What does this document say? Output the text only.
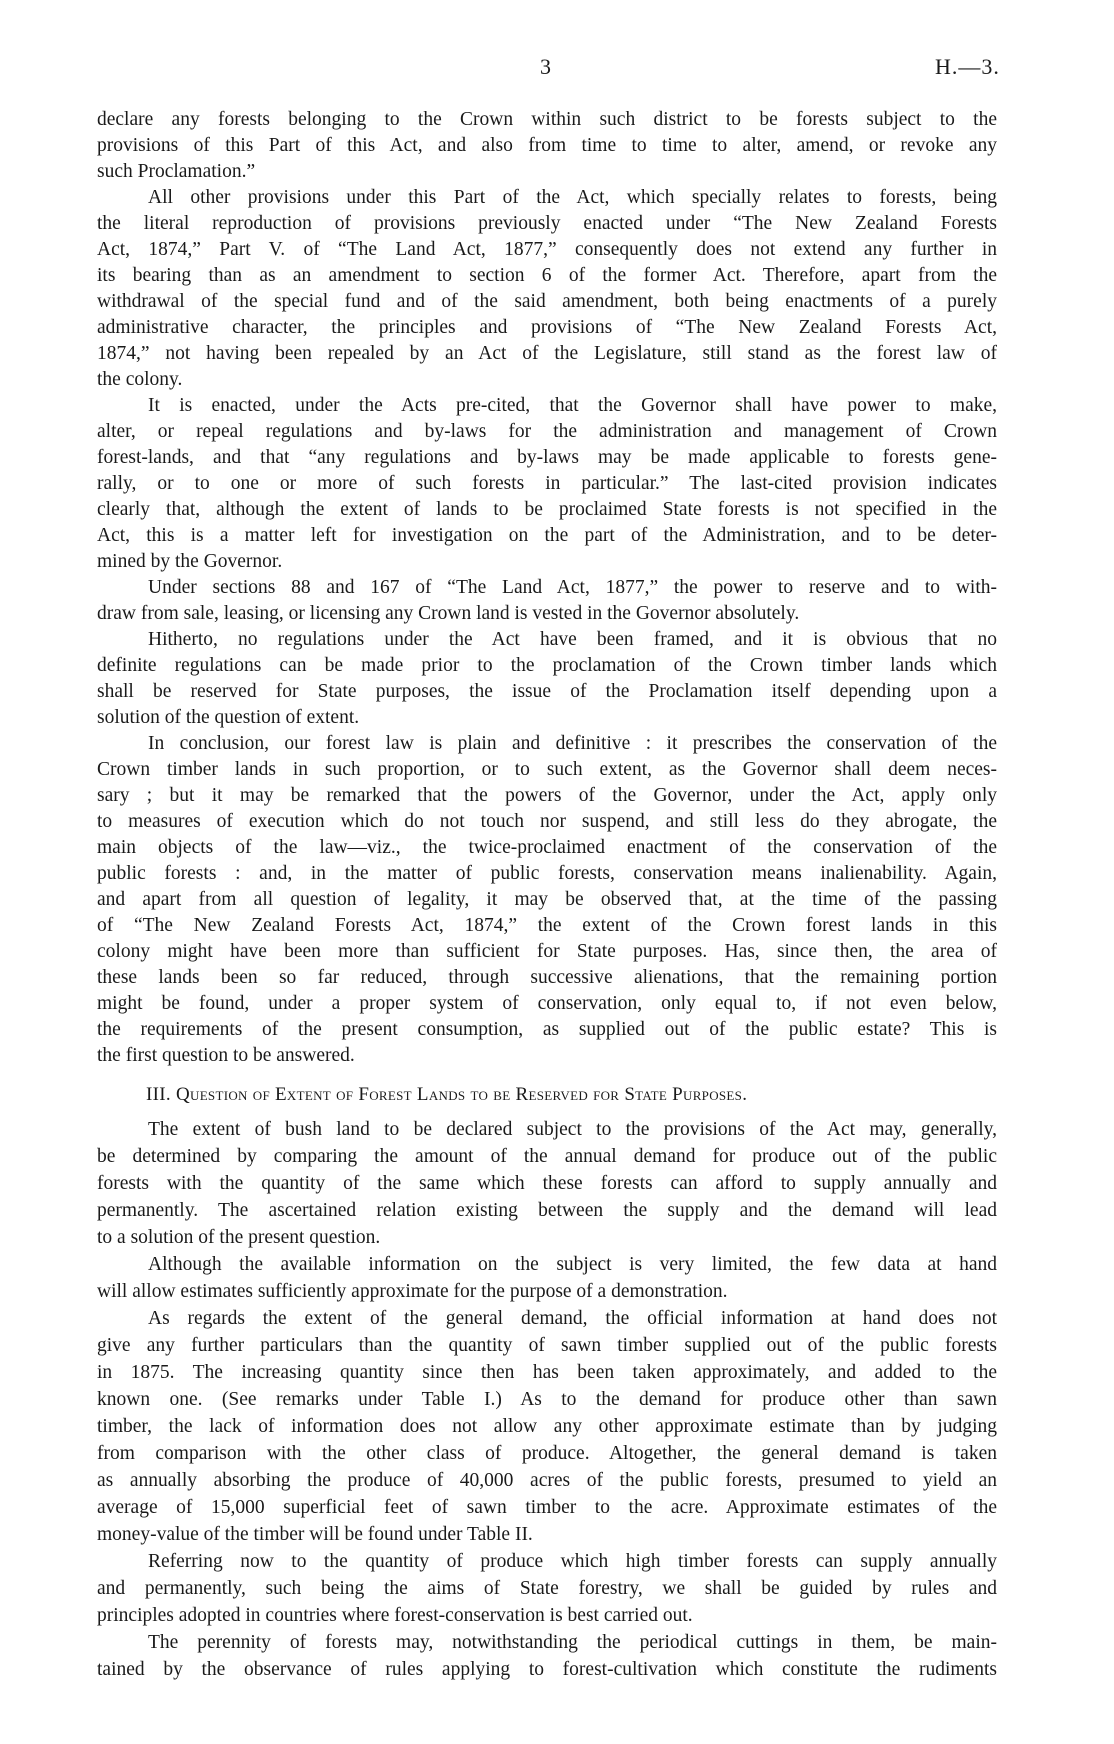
3	H.—3.
declare any forests belonging to the Crown within such district to be forests subject to the
provisions of this Part of this Act, and also from time to time to alter, amend, or revoke any
such Proclamation.”
All other provisions under this Part of the Act, which specially relates to forests, being
the literal reproduction of provisions previously enacted under “The New Zealand Forests
Act, 1874,” Part V. of “The Land Act, 1877,” consequently does not extend any further in
its bearing than as an amendment to section 6 of the former Act. Therefore, apart from the
withdrawal of the special fund and of the said amendment, both being enactments of a purely
administrative character, the principles and provisions of “The New Zealand Forests Act,
1874,” not having been repealed by an Act of the Legislature, still stand as the forest law of
the colony.
It is enacted, under the Acts pre-cited, that the Governor shall have power to make,
alter, or repeal regulations and by-laws for the administration and management of Crown
forest-lands, and that “any regulations and by-laws may be made applicable to forests gene-
rally, or to one or more of such forests in particular.” The last-cited provision indicates
clearly that, although the extent of lands to be proclaimed State forests is not specified in the
Act, this is a matter left for investigation on the part of the Administration, and to be deter-
mined by the Governor.
Under sections 88 and 167 of “The Land Act, 1877,” the power to reserve and to with-
draw from sale, leasing, or licensing any Crown land is vested in the Governor absolutely.
Hitherto, no regulations under the Act have been framed, and it is obvious that no
definite regulations can be made prior to the proclamation of the Crown timber lands which
shall be reserved for State purposes, the issue of the Proclamation itself depending upon a
solution of the question of extent.
In conclusion, our forest law is plain and definitive : it prescribes the conservation of the
Crown timber lands in such proportion, or to such extent, as the Governor shall deem neces-
sary ; but it may be remarked that the powers of the Governor, under the Act, apply only
to measures of execution which do not touch nor suspend, and still less do they abrogate, the
main objects of the law—viz., the twice-proclaimed enactment of the conservation of the
public forests : and, in the matter of public forests, conservation means inalienability. Again,
and apart from all question of legality, it may be observed that, at the time of the passing
of “The New Zealand Forests Act, 1874,” the extent of the Crown forest lands in this
colony might have been more than sufficient for State purposes. Has, since then, the area of
these lands been so far reduced, through successive alienations, that the remaining portion
might be found, under a proper system of conservation, only equal to, if not even below,
the requirements of the present consumption, as supplied out of the public estate? This is
the first question to be answered.
III. Question of Extent of Forest Lands to be Reserved for State Purposes.
The extent of bush land to be declared subject to the provisions of the Act may, generally,
be determined by comparing the amount of the annual demand for produce out of the public
forests with the quantity of the same which these forests can afford to supply annually and
permanently. The ascertained relation existing between the supply and the demand will lead
to a solution of the present question.
Although the available information on the subject is very limited, the few data at hand
will allow estimates sufficiently approximate for the purpose of a demonstration.
As regards the extent of the general demand, the official information at hand does not
give any further particulars than the quantity of sawn timber supplied out of the public forests
in 1875. The increasing quantity since then has been taken approximately, and added to the
known one. (See remarks under Table I.) As to the demand for produce other than sawn
timber, the lack of information does not allow any other approximate estimate than by judging
from comparison with the other class of produce. Altogether, the general demand is taken
as annually absorbing the produce of 40,000 acres of the public forests, presumed to yield an
average of 15,000 superficial feet of sawn timber to the acre. Approximate estimates of the
money-value of the timber will be found under Table II.
Referring now to the quantity of produce which high timber forests can supply annually
and permanently, such being the aims of State forestry, we shall be guided by rules and
principles adopted in countries where forest-conservation is best carried out.
The perennity of forests may, notwithstanding the periodical cuttings in them, be main-
tained by the observance of rules applying to forest-cultivation which constitute the rudiments
